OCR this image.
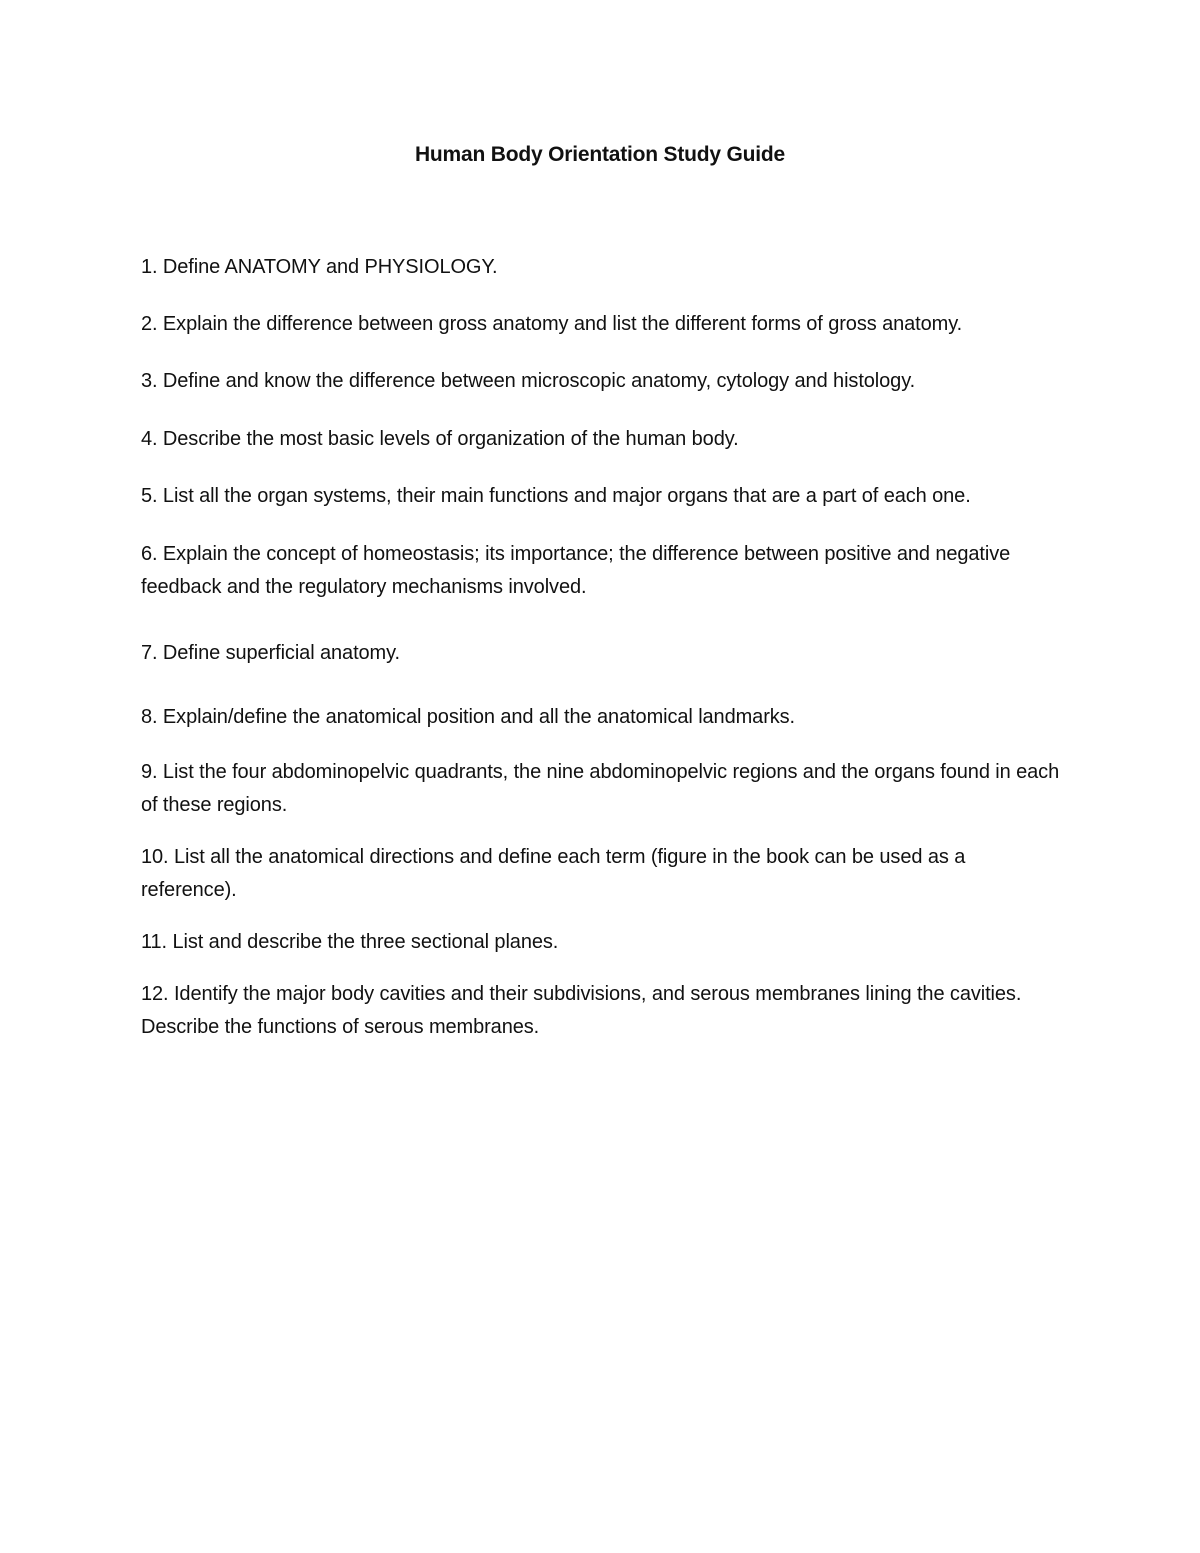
Human Body Orientation Study Guide

1. Define ANATOMY and PHYSIOLOGY.

2. Explain the difference between gross anatomy and list the different forms of gross anatomy.

3. Define and know the difference between microscopic anatomy, cytology and histology.

4. Describe the most basic levels of organization of the human body.

5. List all the organ systems, their main functions and major organs that are a part of each one.

6. Explain the concept of homeostasis; its importance; the difference between positive and negative feedback and the regulatory mechanisms involved.

7. Define superficial anatomy.

8. Explain/define the anatomical position and all the anatomical landmarks.

9. List the four abdominopelvic quadrants, the nine abdominopelvic regions and the organs found in each of these regions.

10. List all the anatomical directions and define each term (figure in the book can be used as a reference).

11. List and describe the three sectional planes.

12. Identify the major body cavities and their subdivisions, and serous membranes lining the cavities. Describe the functions of serous membranes.
